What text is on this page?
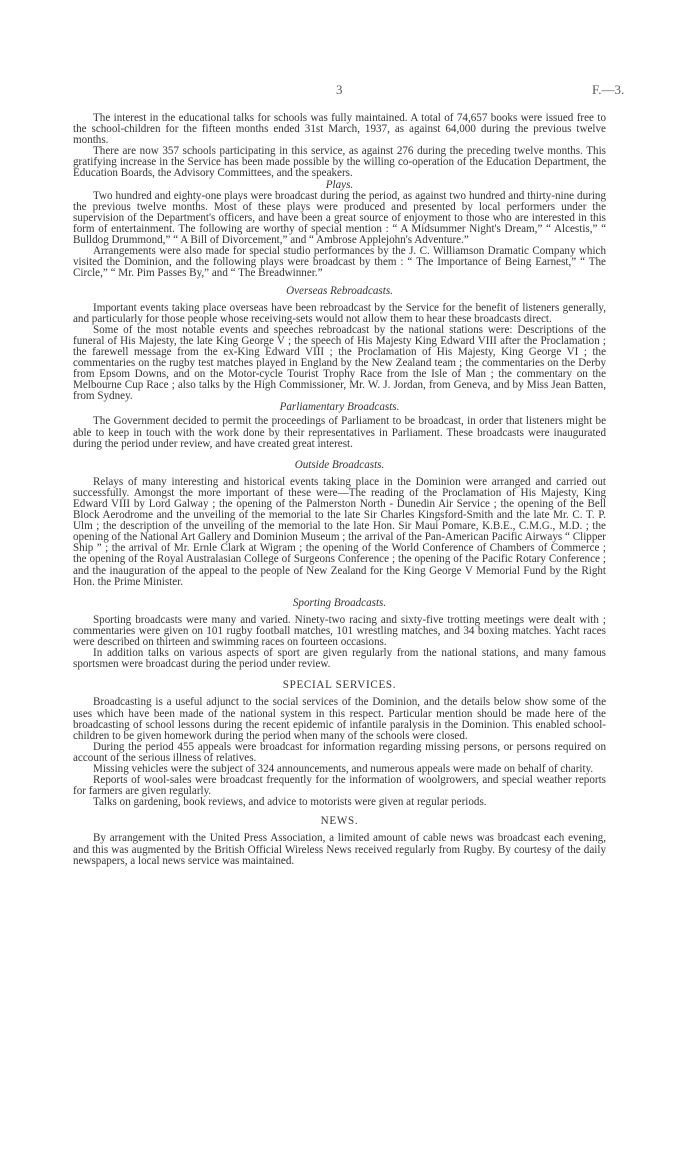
3	F.—3.

The interest in the educational talks for schools was fully maintained. A total of 74,657 books were issued free to the school-children for the fifteen months ended 31st March, 1937, as against 64,000 during the previous twelve months.

There are now 357 schools participating in this service, as against 276 during the preceding twelve months. This gratifying increase in the Service has been made possible by the willing co-operation of the Education Department, the Education Boards, the Advisory Committees, and the speakers.

Plays.

Two hundred and eighty-one plays were broadcast during the period, as against two hundred and thirty-nine during the previous twelve months. Most of these plays were produced and presented by local performers under the supervision of the Department's officers, and have been a great source of enjoyment to those who are interested in this form of entertainment. The following are worthy of special mention : “ A Midsummer Night's Dream,” “ Alcestis,” “ Bulldog Drummond,” “ A Bill of Divorcement,” and “ Ambrose Applejohn's Adventure.”

Arrangements were also made for special studio performances by the J. C. Williamson Dramatic Company which visited the Dominion, and the following plays were broadcast by them : “ The Importance of Being Earnest,” “ The Circle,” “ Mr. Pim Passes By,” and “ The Breadwinner.”

Overseas Rebroadcasts.

Important events taking place overseas have been rebroadcast by the Service for the benefit of listeners generally, and particularly for those people whose receiving-sets would not allow them to hear these broadcasts direct.

Some of the most notable events and speeches rebroadcast by the national stations were: Descriptions of the funeral of His Majesty, the late King George V ; the speech of His Majesty King Edward VIII after the Proclamation ; the farewell message from the ex-King Edward VIII ; the Proclamation of His Majesty, King George VI ; the commentaries on the rugby test matches played in England by the New Zealand team ; the commentaries on the Derby from Epsom Downs, and on the Motor-cycle Tourist Trophy Race from the Isle of Man ; the commentary on the Melbourne Cup Race ; also talks by the High Commissioner, Mr. W. J. Jordan, from Geneva, and by Miss Jean Batten, from Sydney.

Parliamentary Broadcasts.

The Government decided to permit the proceedings of Parliament to be broadcast, in order that listeners might be able to keep in touch with the work done by their representatives in Parliament. These broadcasts were inaugurated during the period under review, and have created great interest.

Outside Broadcasts.

Relays of many interesting and historical events taking place in the Dominion were arranged and carried out successfully. Amongst the more important of these were—The reading of the Proclamation of His Majesty, King Edward VIII by Lord Galway ; the opening of the Palmerston North - Dunedin Air Service ; the opening of the Bell Block Aerodrome and the unveiling of the memorial to the late Sir Charles Kingsford-Smith and the late Mr. C. T. P. Ulm ; the description of the unveiling of the memorial to the late Hon. Sir Maui Pomare, K.B.E., C.M.G., M.D. ; the opening of the National Art Gallery and Dominion Museum ; the arrival of the Pan-American Pacific Airways “ Clipper Ship ” ; the arrival of Mr. Ernle Clark at Wigram ; the opening of the World Conference of Chambers of Commerce ; the opening of the Royal Australasian College of Surgeons Conference ; the opening of the Pacific Rotary Conference ; and the inauguration of the appeal to the people of New Zealand for the King George V Memorial Fund by the Right Hon. the Prime Minister.

Sporting Broadcasts.

Sporting broadcasts were many and varied. Ninety-two racing and sixty-five trotting meetings were dealt with ; commentaries were given on 101 rugby football matches, 101 wrestling matches, and 34 boxing matches. Yacht races were described on thirteen and swimming races on fourteen occasions.

In addition talks on various aspects of sport are given regularly from the national stations, and many famous sportsmen were broadcast during the period under review.

SPECIAL SERVICES.

Broadcasting is a useful adjunct to the social services of the Dominion, and the details below show some of the uses which have been made of the national system in this respect. Particular mention should be made here of the broadcasting of school lessons during the recent epidemic of infantile paralysis in the Dominion. This enabled school-children to be given homework during the period when many of the schools were closed.

During the period 455 appeals were broadcast for information regarding missing persons, or persons required on account of the serious illness of relatives.

Missing vehicles were the subject of 324 announcements, and numerous appeals were made on behalf of charity.

Reports of wool-sales were broadcast frequently for the information of woolgrowers, and special weather reports for farmers are given regularly.

Talks on gardening, book reviews, and advice to motorists were given at regular periods.

NEWS.

By arrangement with the United Press Association, a limited amount of cable news was broadcast each evening, and this was augmented by the British Official Wireless News received regularly from Rugby. By courtesy of the daily newspapers, a local news service was maintained.
